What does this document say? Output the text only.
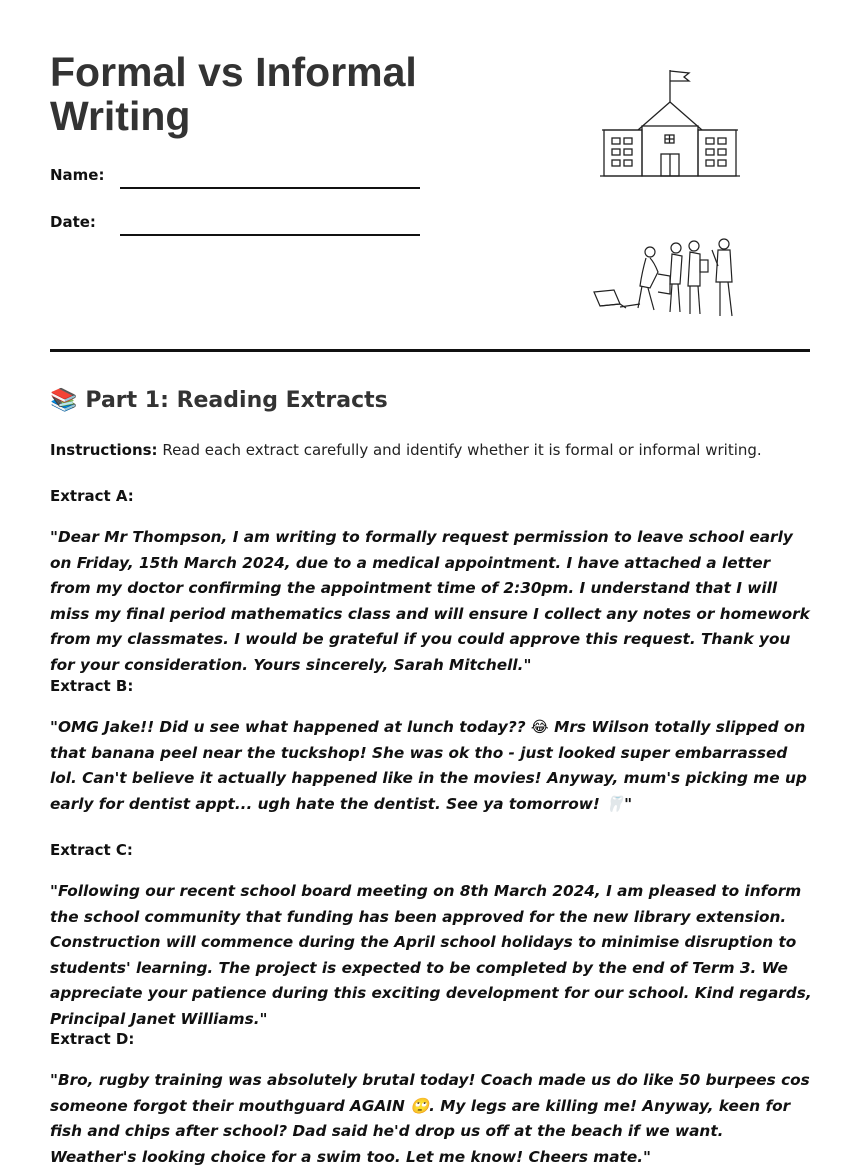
Formal vs Informal Writing
Name:
Date:
📚 Part 1: Reading Extracts
Instructions: Read each extract carefully and identify whether it is formal or informal writing.
Extract A:

"Dear Mr Thompson, I am writing to formally request permission to leave school early on Friday, 15th March 2024, due to a medical appointment. I have attached a letter from my doctor confirming the appointment time of 2:30pm. I understand that I will miss my final period mathematics class and will ensure I collect any notes or homework from my classmates. I would be grateful if you could approve this request. Thank you for your consideration. Yours sincerely, Sarah Mitchell."

Extract B:

"OMG Jake!! Did u see what happened at lunch today?? 😂 Mrs Wilson totally slipped on that banana peel near the tuckshop! She was ok tho - just looked super embarrassed lol. Can't believe it actually happened like in the movies! Anyway, mum's picking me up early for dentist appt... ugh hate the dentist. See ya tomorrow! 🦷"

Extract C:

"Following our recent school board meeting on 8th March 2024, I am pleased to inform the school community that funding has been approved for the new library extension. Construction will commence during the April school holidays to minimise disruption to students' learning. The project is expected to be completed by the end of Term 3. We appreciate your patience during this exciting development for our school. Kind regards, Principal Janet Williams."

Extract D:

"Bro, rugby training was absolutely brutal today! Coach made us do like 50 burpees cos someone forgot their mouthguard AGAIN 🙄. My legs are killing me! Anyway, keen for fish and chips after school? Dad said he'd drop us off at the beach if we want. Weather's looking choice for a swim too. Let me know! Cheers mate."
